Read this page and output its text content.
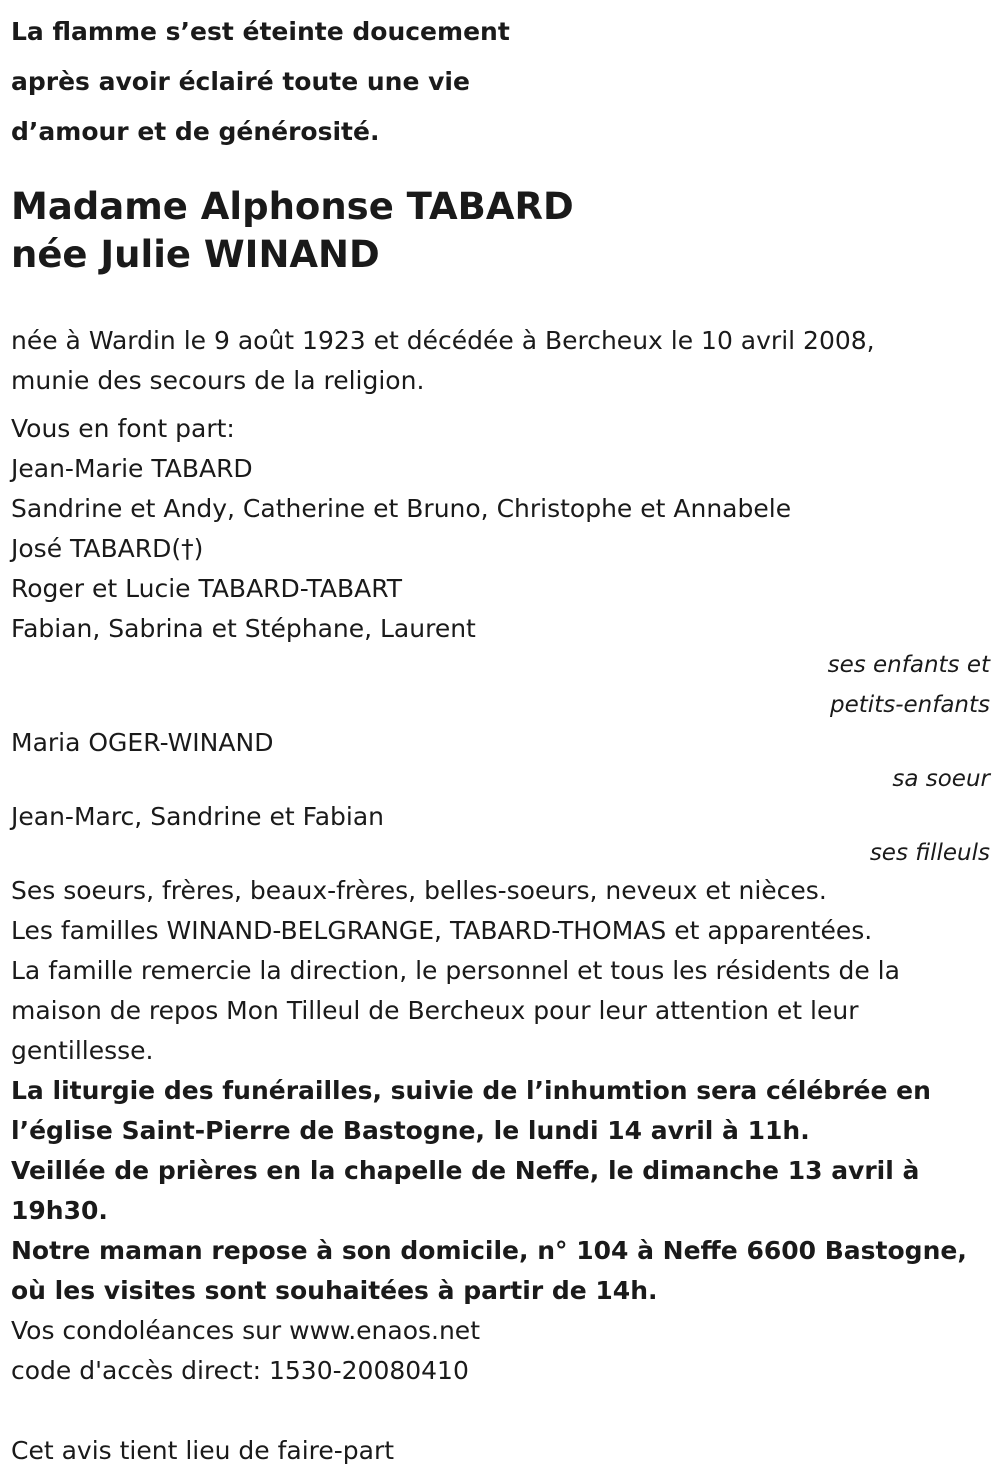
La flamme s’est éteinte doucement
après avoir éclairé toute une vie
d’amour et de générosité.
Madame Alphonse TABARD
née Julie WINAND
née à Wardin le 9 août 1923 et décédée à Bercheux le 10 avril 2008,
munie des secours de la religion.
Vous en font part:
Jean-Marie TABARD
Sandrine et Andy, Catherine et Bruno, Christophe et Annabele
José TABARD(†)
Roger et Lucie TABARD-TABART
Fabian, Sabrina et Stéphane, Laurent
ses enfants et
petits-enfants
Maria OGER-WINAND
sa soeur
Jean-Marc, Sandrine et Fabian
ses filleuls
Ses soeurs, frères, beaux-frères, belles-soeurs, neveux et nièces.
Les familles WINAND-BELGRANGE, TABARD-THOMAS et apparentées.
La famille remercie la direction, le personnel et tous les résidents de la
maison de repos Mon Tilleul de Bercheux pour leur attention et leur
gentillesse.
La liturgie des funérailles, suivie de l’inhumtion sera célébrée en
l’église Saint-Pierre de Bastogne, le lundi 14 avril à 11h.
Veillée de prières en la chapelle de Neffe, le dimanche 13 avril à
19h30.
Notre maman repose à son domicile, n° 104 à Neffe 6600 Bastogne,
où les visites sont souhaitées à partir de 14h.
Vos condoléances sur www.enaos.net
code d'accès direct: 1530-20080410
Cet avis tient lieu de faire-part
